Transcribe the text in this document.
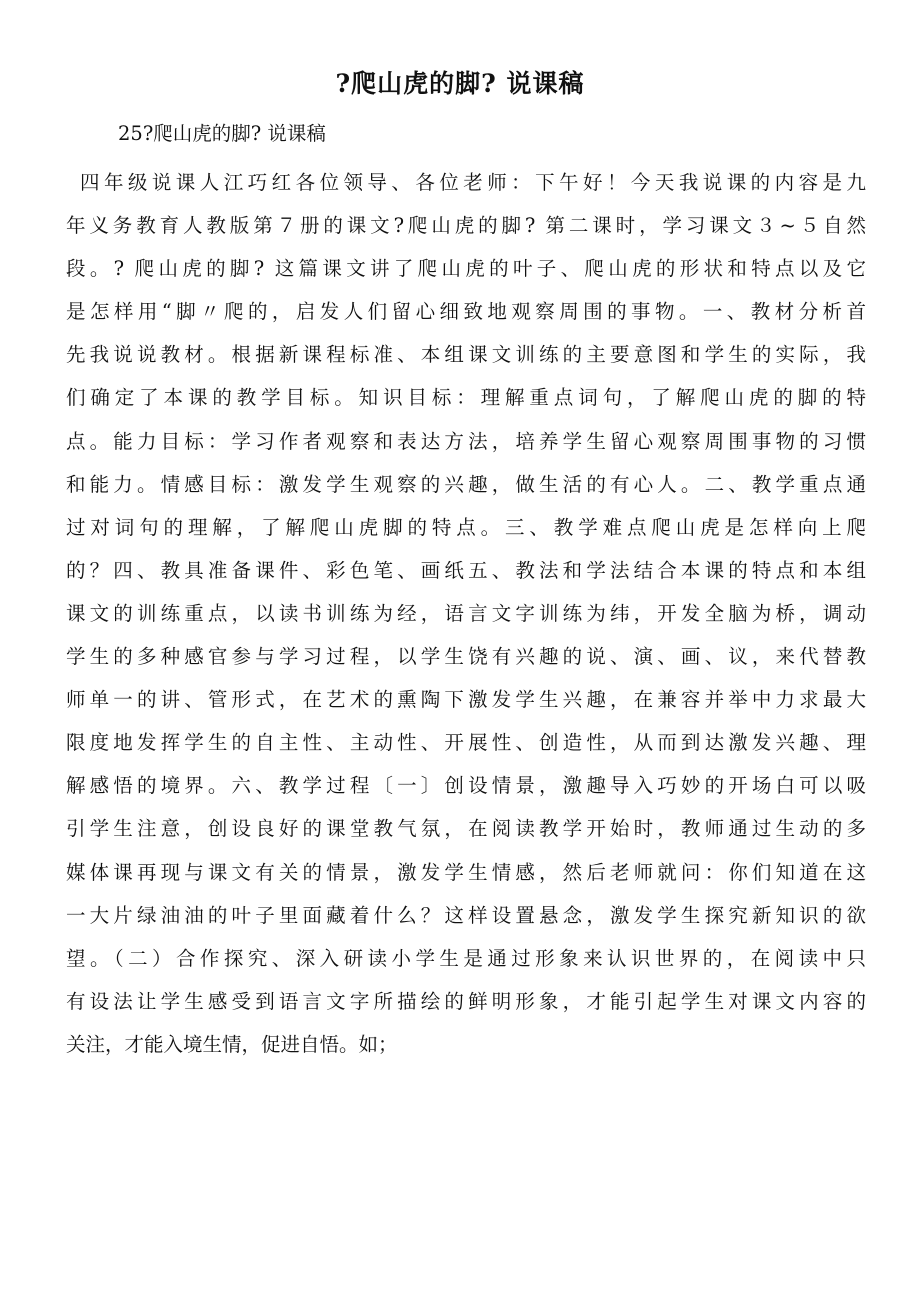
?爬山虎的脚? 说课稿
25?爬山虎的脚? 说课稿
四年级说课人江巧红各位领导、各位老师：下午好！今天我说课的内容是九
年义务教育人教版第７册的课文?爬山虎的脚? 第二课时，学习课文３~５自然
段。? 爬山虎的脚? 这篇课文讲了爬山虎的叶子、爬山虎的形状和特点以及它
是怎样用“脚〃爬的，启发人们留心细致地观察周围的事物。一、教材分析首
先我说说教材。根据新课程标准、本组课文训练的主要意图和学生的实际，我
们确定了本课的教学目标。知识目标：理解重点词句，了解爬山虎的脚的特
点。能力目标：学习作者观察和表达方法，培养学生留心观察周围事物的习惯
和能力。情感目标：激发学生观察的兴趣，做生活的有心人。二、教学重点通
过对词句的理解，了解爬山虎脚的特点。三、教学难点爬山虎是怎样向上爬
的？四、教具准备课件、彩色笔、画纸五、教法和学法结合本课的特点和本组
课文的训练重点，以读书训练为经，语言文字训练为纬，开发全脑为桥，调动
学生的多种感官参与学习过程，以学生饶有兴趣的说、演、画、议，来代替教
师单一的讲、管形式，在艺术的熏陶下激发学生兴趣，在兼容并举中力求最大
限度地发挥学生的自主性、主动性、开展性、创造性，从而到达激发兴趣、理
解感悟的境界。六、教学过程〔一〕创设情景，激趣导入巧妙的开场白可以吸
引学生注意，创设良好的课堂教气氛，在阅读教学开始时，教师通过生动的多
媒体课再现与课文有关的情景，激发学生情感，然后老师就问：你们知道在这
一大片绿油油的叶子里面藏着什么？这样设置悬念，激发学生探究新知识的欲
望。（二）合作探究、深入研读小学生是通过形象来认识世界的，在阅读中只
有设法让学生感受到语言文字所描绘的鲜明形象，才能引起学生对课文内容的
关注，才能入境生情，促进自悟。如；
